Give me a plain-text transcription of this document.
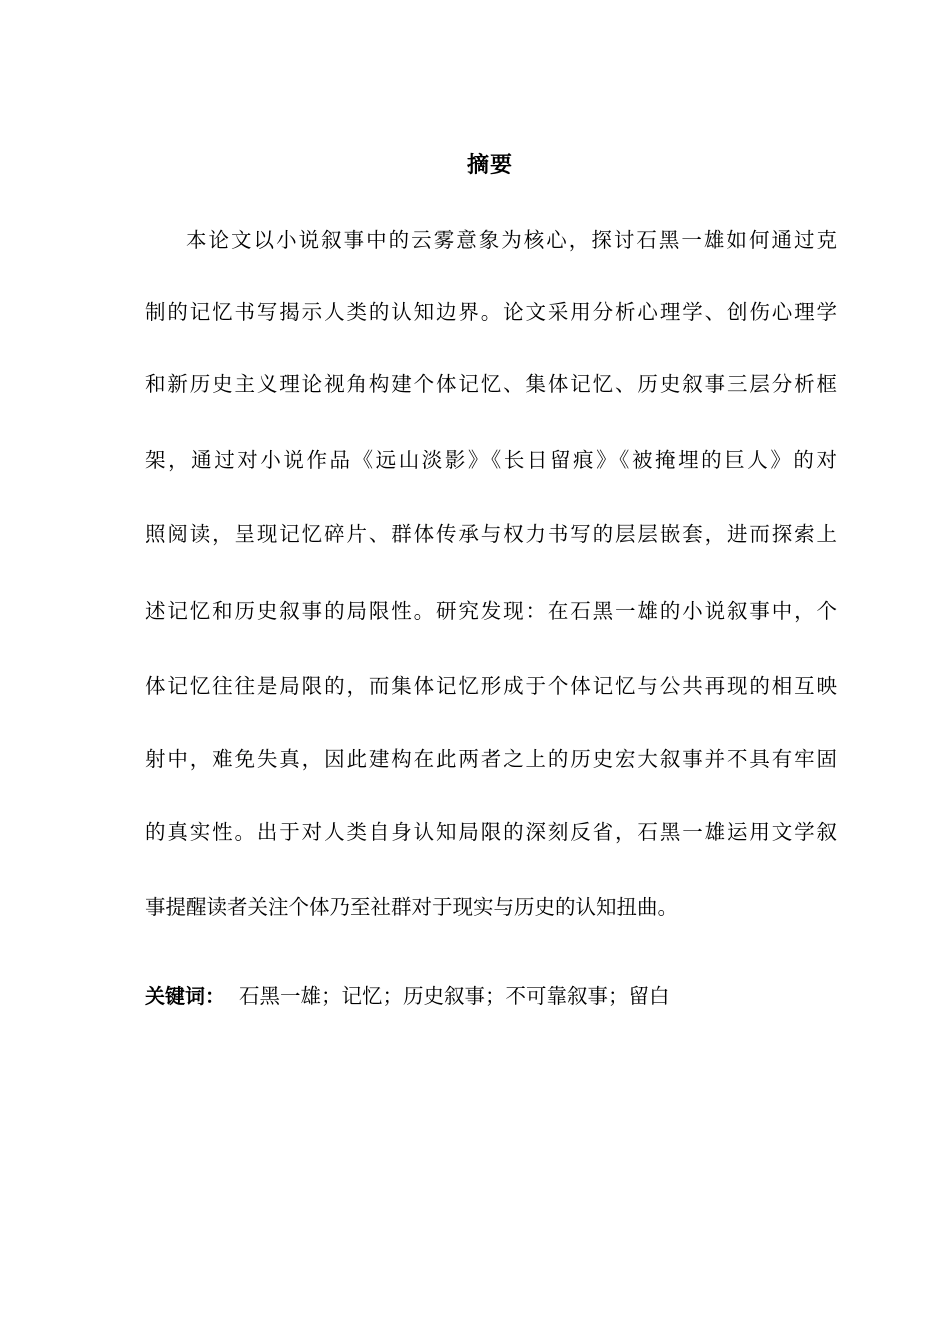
摘要
本论文以小说叙事中的云雾意象为核心，探讨石黑一雄如何通过克
制的记忆书写揭示人类的认知边界。论文采用分析心理学、创伤心理学
和新历史主义理论视角构建个体记忆、集体记忆、历史叙事三层分析框
架，通过对小说作品《远山淡影》《长日留痕》《被掩埋的巨人》的对
照阅读，呈现记忆碎片、群体传承与权力书写的层层嵌套，进而探索上
述记忆和历史叙事的局限性。研究发现：在石黑一雄的小说叙事中，个
体记忆往往是局限的，而集体记忆形成于个体记忆与公共再现的相互映
射中，难免失真，因此建构在此两者之上的历史宏大叙事并不具有牢固
的真实性。出于对人类自身认知局限的深刻反省，石黑一雄运用文学叙
事提醒读者关注个体乃至社群对于现实与历史的认知扭曲。
关键词： 石黑一雄；记忆；历史叙事；不可靠叙事；留白
